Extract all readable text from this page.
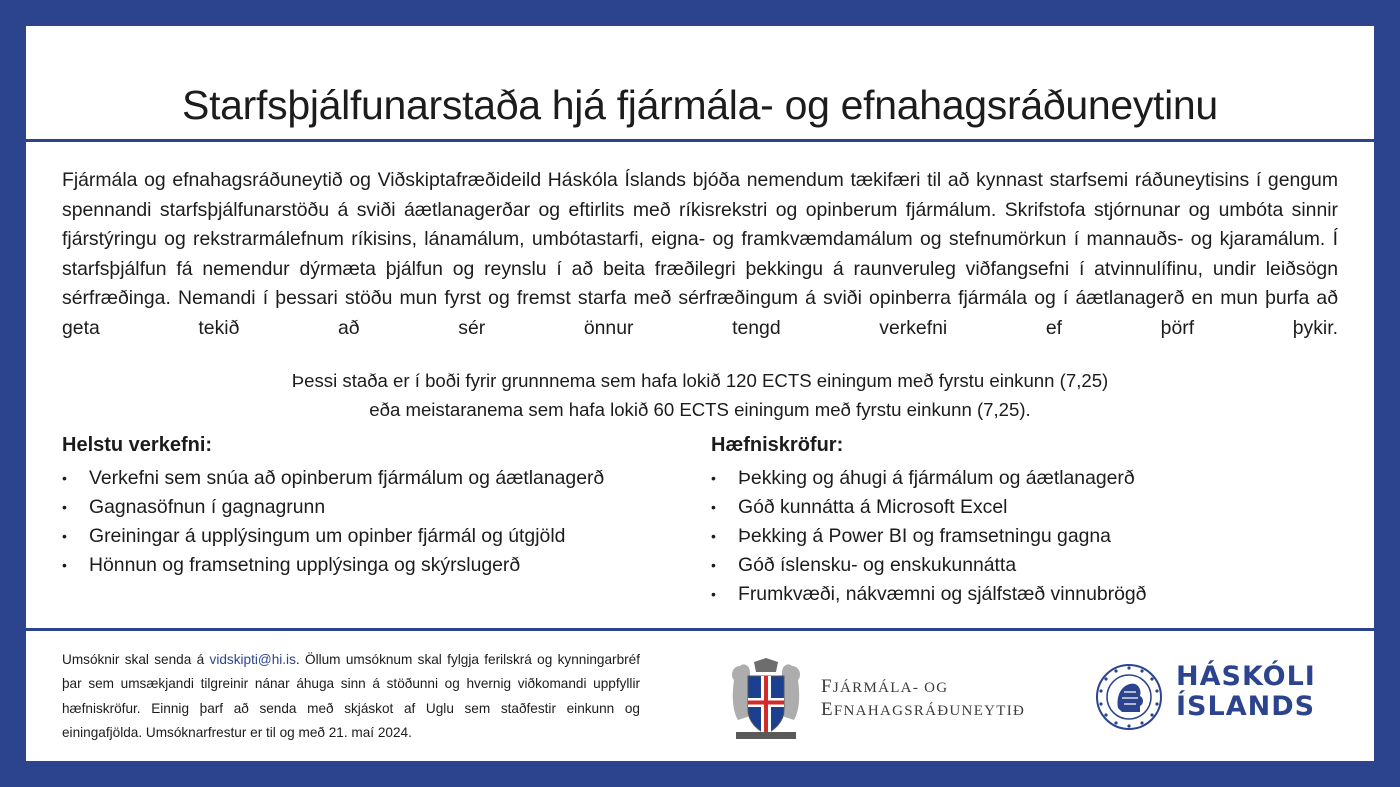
Starfsþjálfunarstaða hjá fjármála- og efnahagsráðuneytinu

Fjármála og efnahagsráðuneytið og Viðskiptafræðideild Háskóla Íslands bjóða nemendum tækifæri til að kynnast starfsemi ráðuneytisins í gengum spennandi starfsþjálfunarstöðu á sviði áætlanagerðar og eftirlits með ríkisrekstri og opinberum fjármálum. Skrifstofa stjórnunar og umbóta sinnir fjárstýringu og rekstrarmálefnum ríkisins, lánamálum, umbótastarfi, eigna- og framkvæmdamálum og stefnumörkun í mannauðs- og kjaramálum. Í starfsþjálfun fá nemendur dýrmæta þjálfun og reynslu í að beita fræðilegri þekkingu á raunveruleg viðfangsefni í atvinnulífinu, undir leiðsögn sérfræðinga. Nemandi í þessari stöðu mun fyrst og fremst starfa með sérfræðingum á sviði opinberra fjármála og í áætlanagerð en mun þurfa að geta tekið að sér önnur tengd verkefni ef þörf þykir.

Þessi staða er í boði fyrir grunnnema sem hafa lokið 120 ECTS einingum með fyrstu einkunn (7,25)
eða meistaranema sem hafa lokið 60 ECTS einingum með fyrstu einkunn (7,25).
Helstu verkefni:
• Verkefni sem snúa að opinberum fjármálum og áætlanagerð
• Gagnasöfnun í gagnagrunn
• Greiningar á upplýsingum um opinber fjármál og útgjöld
• Hönnun og framsetning upplýsinga og skýrslugerð
Hæfniskröfur:
• Þekking og áhugi á fjármálum og áætlanagerð
• Góð kunnátta á Microsoft Excel
• Þekking á Power BI og framsetningu gagna
• Góð íslensku- og enskukunnátta
• Frumkvæði, nákvæmni og sjálfstæð vinnubrögð

Umsóknir skal senda á vidskipti@hi.is. Öllum umsóknum skal fylgja ferilskrá og kynningarbréf þar sem umsækjandi tilgreinir nánar áhuga sinn á stöðunni og hvernig viðkomandi uppfyllir hæfniskröfur. Einnig þarf að senda með skjáskot af Uglu sem staðfestir einkunn og einingafjölda. Umsóknarfrestur er til og með 21. maí 2024.

FJÁRMÁLA- OG
EFNAHAGSRÁÐUNEYTIÐ
HÁSKÓLI
ÍSLANDS
